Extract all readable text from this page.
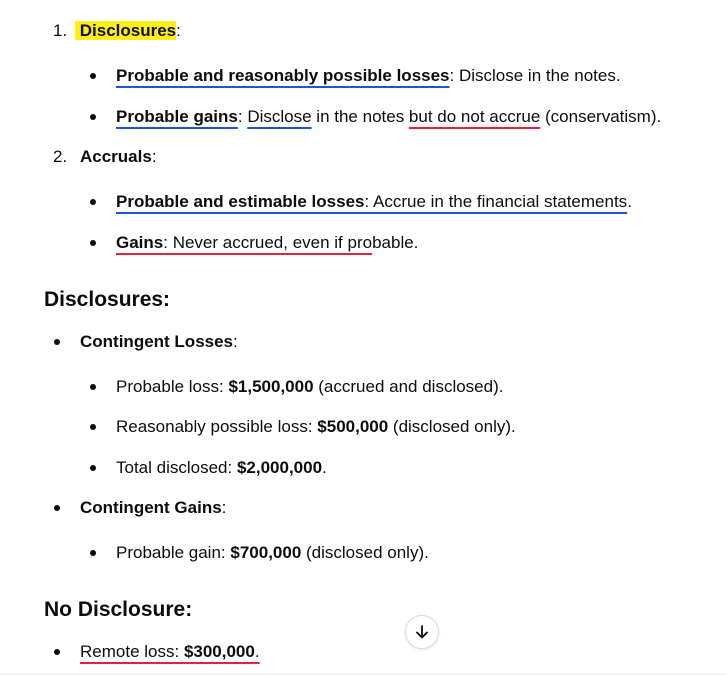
1. Disclosures:
Probable and reasonably possible losses: Disclose in the notes.
Probable gains: Disclose in the notes but do not accrue (conservatism).
2. Accruals:
Probable and estimable losses: Accrue in the financial statements.
Gains: Never accrued, even if probable.
Disclosures:
Contingent Losses:
Probable loss: $1,500,000 (accrued and disclosed).
Reasonably possible loss: $500,000 (disclosed only).
Total disclosed: $2,000,000.
Contingent Gains:
Probable gain: $700,000 (disclosed only).
No Disclosure:
Remote loss: $300,000.
